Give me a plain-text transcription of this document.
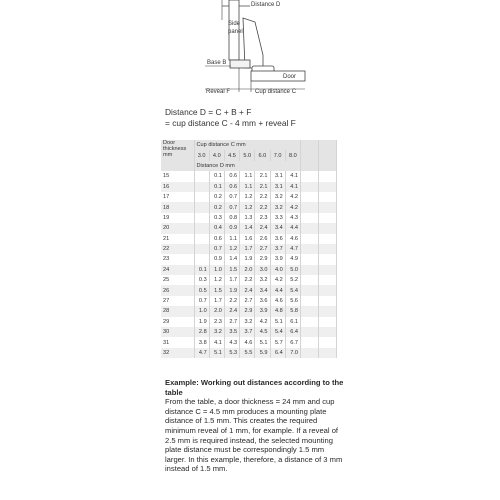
Distance D
Side
panel
Base B
Door
Reveal F	Cup distance C
Distance D = C + B + F
= cup distance C - 4 mm + reveal F
Door
thickness
mm	Cup distance C mm								
	3.0	4.0	4.5	5.0	6.0	7.0	8.0		
	Distance D mm								
15		0.1	0.6	1.1	2.1	3.1	4.1		
16		0.1	0.6	1.1	2.1	3.1	4.1		
17		0.2	0.7	1.2	2.2	3.2	4.2		
18		0.2	0.7	1.2	2.2	3.2	4.2		
19		0.3	0.8	1.3	2.3	3.3	4.3		
20		0.4	0.9	1.4	2.4	3.4	4.4		
21		0.6	1.1	1.6	2.6	3.6	4.6		
22		0.7	1.2	1.7	2.7	3.7	4.7		
23		0.9	1.4	1.9	2.9	3.9	4.9		
24	0.1	1.0	1.5	2.0	3.0	4.0	5.0		
25	0.3	1.2	1.7	2.2	3.2	4.2	5.2		
26	0.5	1.5	1.9	2.4	3.4	4.4	5.4		
27	0.7	1.7	2.2	2.7	3.6	4.6	5.6		
28	1.0	2.0	2.4	2.9	3.9	4.8	5.8		
29	1.9	2.3	2.7	3.2	4.2	5.1	6.1		
30	2.8	3.2	3.5	3.7	4.5	5.4	6.4		
31	3.8	4.1	4.3	4.6	5.1	5.7	6.7		
32	4.7	5.1	5.3	5.5	5.9	6.4	7.0		
Example: Working out distances according to the table
From the table, a door thickness = 24 mm and cup distance C = 4.5 mm produces a mounting plate distance of 1.5 mm. This creates the required minimum reveal of 1 mm, for example. If a reveal of 2.5 mm is required instead, the selected mounting plate distance must be correspondingly 1.5 mm larger. In this example, therefore, a distance of 3 mm instead of 1.5 mm.
